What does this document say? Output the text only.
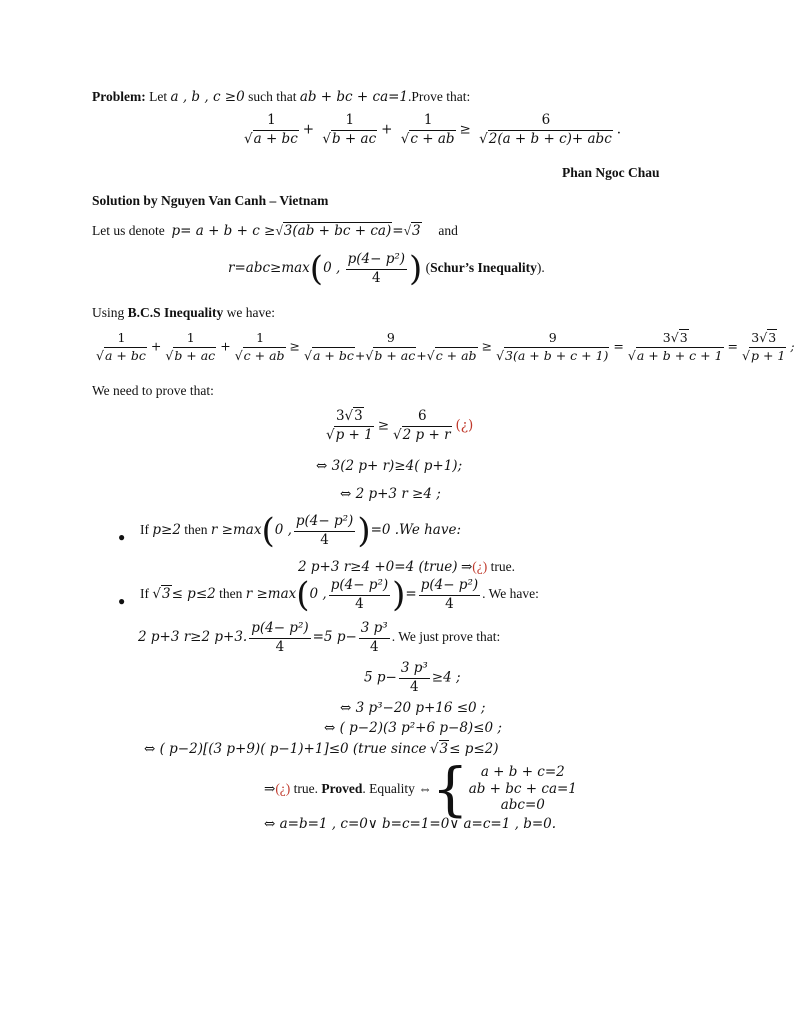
Problem: Let a , b , c ≥0 such that ab + bc + ca=1.Prove that:
$\frac{1}{√a + bc} + \frac{1}{√b + ac} + \frac{1}{√c + ab} \ge \frac{6}{\text{√2(a + b + c)+ abc}}$ .
Phan Ngoc Chau
Solution by Nguyen Van Canh – Vietnam
Let us denote p= a + b + c ≥√3(ab + bc + ca)=√3 and
r=abc≥max(0 , $\frac{\text{p(4− p²)}}{4}$ ) (Schur’s Inequality).
Using B.C.S Inequality we have:
$\frac{1}{√a + bc} + \frac{1}{√b + ac} + \frac{1}{√c + ab} \ge \frac{9}{√a + bc+√b + ac+√c + ab} \ge \frac{9}{√3(a + b + c + 1)} = \frac{3√3}{√a + b + c + 1} = \frac{3√3}{√p + 1}$ ;
We need to prove that:
$\frac{3√3}{√p + 1} \ge \frac{6}{√2 p + r}$ (¿)
⇔ 3(2 p+ r)≥4( p+1);
⇔ 2 p+3 r ≥4 ;
● If p≥2 then r ≥max(0 , $\frac{\text{p(4− p²)}}{4} )=0$ .We have:
2 p+3 r≥4 +0=4 (true) ⇒(¿) true.
● If √3≤ p≤2 then r ≥max(0 , $\frac{\text{p(4− p²)}}{4}$ )= $\frac{\text{p(4− p²)}}{4}$ . We have:
2 p+3 r≥2 p+3. $\frac{\text{p(4− p²)}}{4} =5$ $p- \frac{\text{3 p³}}{4}$ . We just prove that:
5 $p- \frac{\text{3 p³}}{4} \ge 4$ ;
⇔ 3 p³−20 p+16 ≤0 ;
⇔ ( p−2)(3 p²+6 p−8)≤0 ;
⇔ ( p−2)[(3 p+9)( p−1)+1]≤0 (true since √3≤ p≤2)
⇒ (¿)
true.
Proved . Equality ⇔ { a + b + c=2
ab + bc + ca=1
abc=0
⇔ a=b=1 , c=0∨ b=c=1=0∨ a=c=1 , b=0.
